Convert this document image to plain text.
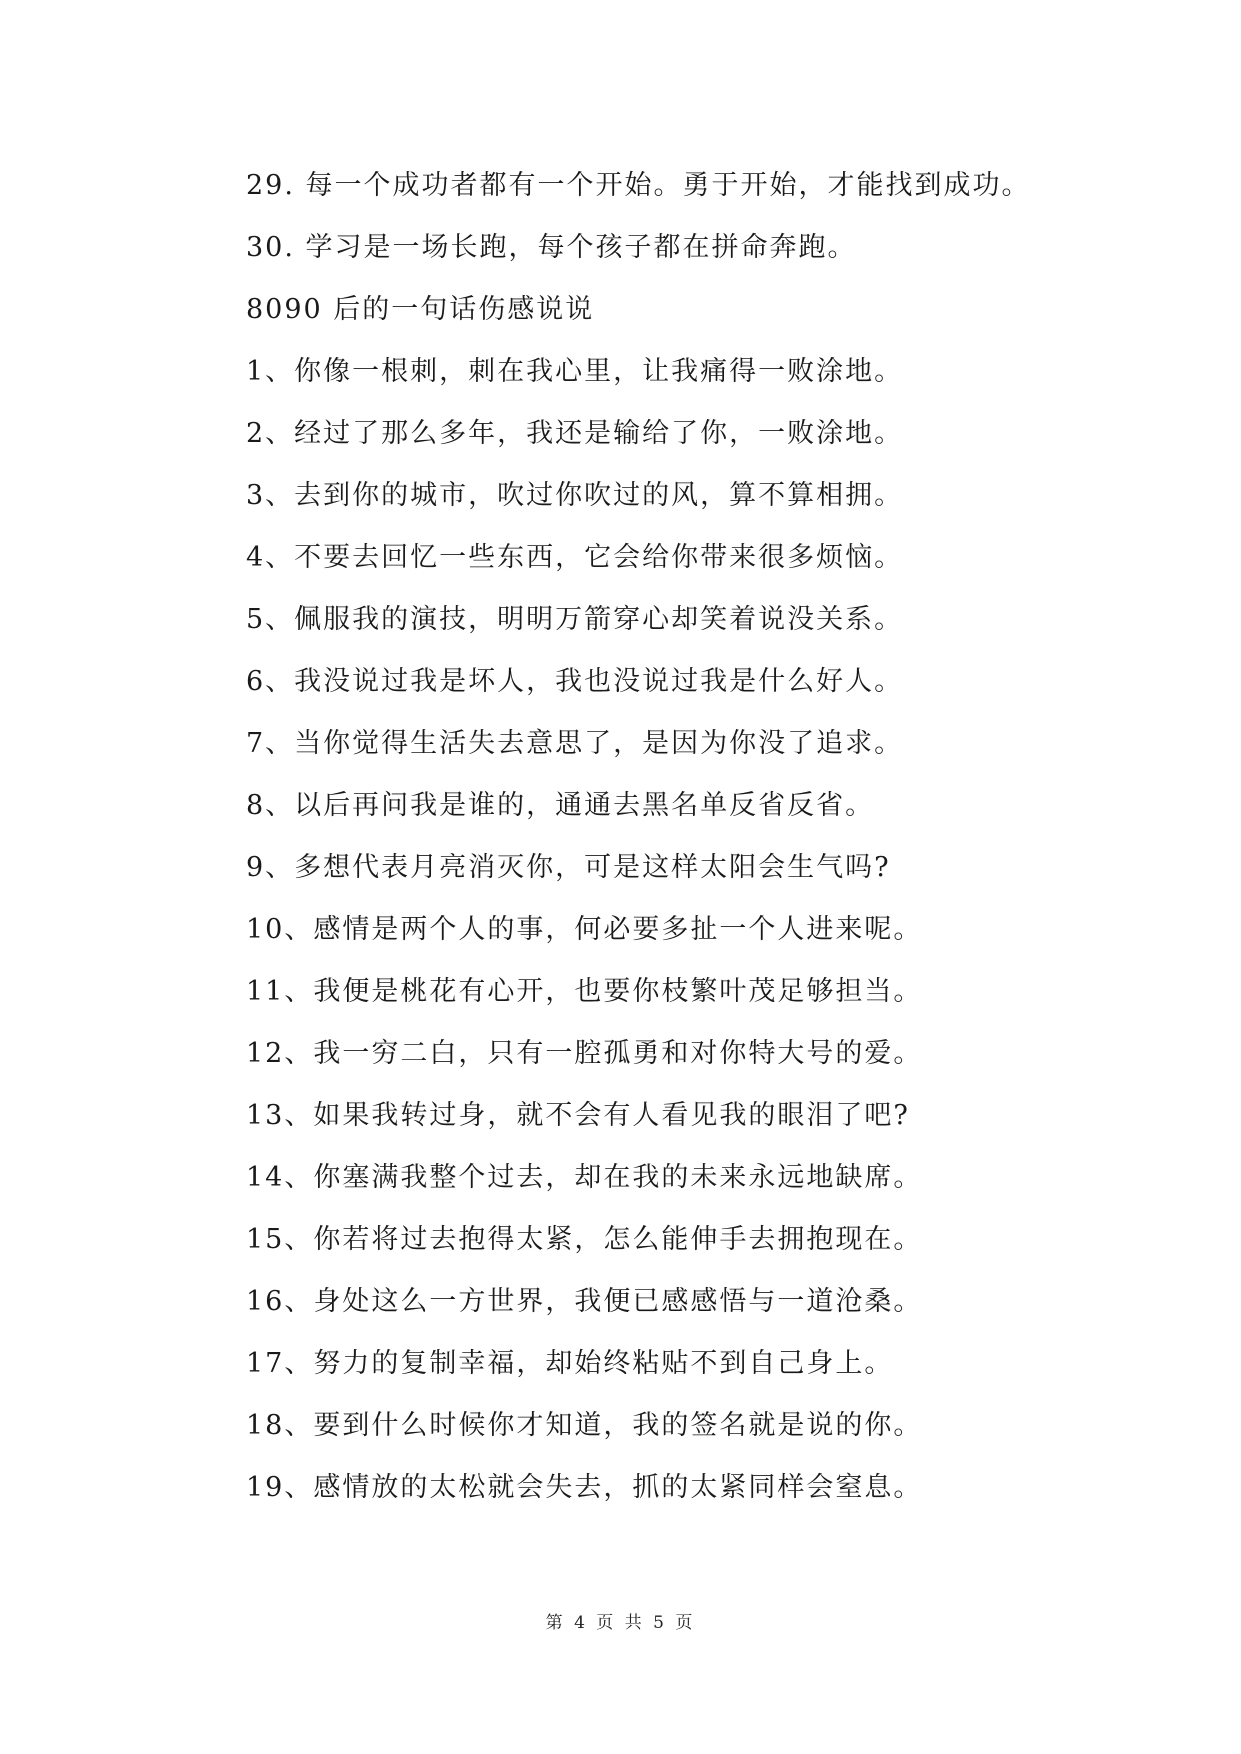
29. 每一个成功者都有一个开始。勇于开始，才能找到成功。
30. 学习是一场长跑，每个孩子都在拼命奔跑。
8090 后的一句话伤感说说
1、你像一根刺，刺在我心里，让我痛得一败涂地。
2、经过了那么多年，我还是输给了你，一败涂地。
3、去到你的城市，吹过你吹过的风，算不算相拥。
4、不要去回忆一些东西，它会给你带来很多烦恼。
5、佩服我的演技，明明万箭穿心却笑着说没关系。
6、我没说过我是坏人，我也没说过我是什么好人。
7、当你觉得生活失去意思了，是因为你没了追求。
8、以后再问我是谁的，通通去黑名单反省反省。
9、多想代表月亮消灭你，可是这样太阳会生气吗?
10、感情是两个人的事，何必要多扯一个人进来呢。
11、我便是桃花有心开，也要你枝繁叶茂足够担当。
12、我一穷二白，只有一腔孤勇和对你特大号的爱。
13、如果我转过身，就不会有人看见我的眼泪了吧?
14、你塞满我整个过去，却在我的未来永远地缺席。
15、你若将过去抱得太紧，怎么能伸手去拥抱现在。
16、身处这么一方世界，我便已感感悟与一道沧桑。
17、努力的复制幸福，却始终粘贴不到自己身上。
18、要到什么时候你才知道，我的签名就是说的你。
19、感情放的太松就会失去，抓的太紧同样会窒息。
第 4 页 共 5 页
